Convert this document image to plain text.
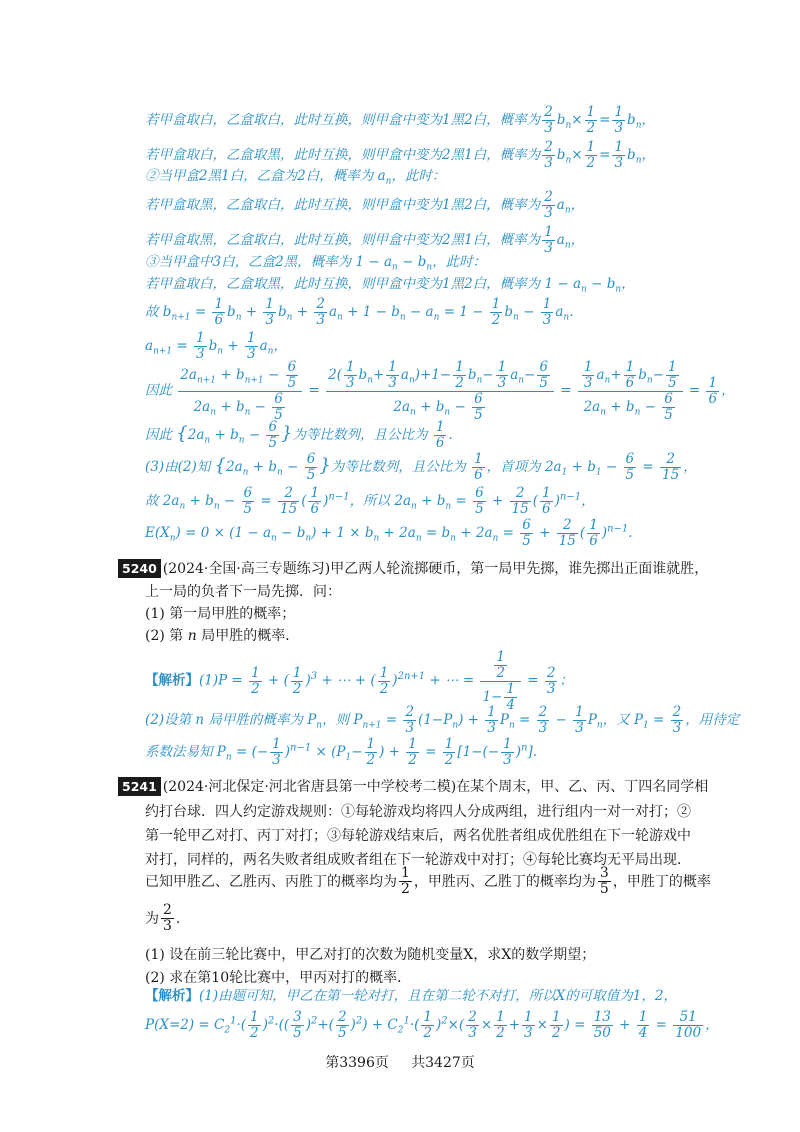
若甲盒取白，乙盒取白，此时互换，则甲盒中变为1黑2白，概率为 $\frac{2}{3} b_n\times \frac{1}{2} = \frac{1}{3} b_n$，
若甲盒取白，乙盒取黑，此时互换，则甲盒中变为2黑1白，概率为 $\frac{2}{3} b_n\times \frac{1}{2} = \frac{1}{3} b_n$，
②当甲盒2黑1白，乙盒为2白，概率为 $a_n$，此时：
若甲盒取黑，乙盒取白，此时互换，则甲盒中变为1黑2白，概率为 $\frac{2}{3} a_n$，
若甲盒取黑，乙盒取白，此时互换，则甲盒中变为2黑1白，概率为 $\frac{1}{3} a_n$，
③当甲盒中3白，乙盒2黑，概率为 $1 - a_n - b_n$，此时：
若甲盒取白，乙盒取黑，此时互换，则甲盒中变为1黑2白，概率为 $1 - a_n - b_n$，
故 $b_{n+1} = \frac{1}{6} b_n + \frac{1}{3} b_n + \frac{2}{3} a_n + 1 - b_n - a_n = 1 - \frac{1}{2} b_n - \frac{1}{3} a_n$.
$a_{n+1} = \frac{1}{3} b_n + \frac{1}{3} a_n$，
因此 $\frac{2a_{n+1} + b_{n+1} - \frac{6}{5}}{2a_n + b_n - \frac{6}{5}} = \frac{2( \frac{1}{3} b_n+ \frac{1}{3} a_n)+1- \frac{1}{2} b_n- \frac{1}{3} a_n- \frac{6}{5}}{2a_n + b_n - \frac{6}{5}} = \frac{\frac{1}{3} a_n+ \frac{1}{6} b_n- \frac{1}{5}}{2a_n + b_n - \frac{6}{5}} = \frac{1}{6}$ ，
因此 {$2a_n + b_n - \frac{6}{5}$ }为等比数列，且公比为 $\frac{1}{6}$ .
(3)由(2)知 {$2a_n + b_n - \frac{6}{5}$ }为等比数列，且公比为 $\frac{1}{6}$ ，首项为 $2a_1 + b_1 - \frac{6}{5} = \frac{2}{15}$ ，
故 $2a_n + b_n - \frac{6}{5} = \frac{2}{15}$ ( $\frac{1}{6} )^{n-1}$，所以 $2a_n + b_n = \frac{6}{5} + \frac{2}{15}$ ( $\frac{1}{6} )^{n-1}$，
$E(X_n) = 0 \times (1 - a_n - b_n) + 1 \times b_n + 2a_n = b_n + 2a_n = \frac{6}{5} + \frac{2}{15}$ ( $\frac{1}{6} )^{n-1}$.
5240 (2024·全国·高三专题练习)甲乙两人轮流掷硬币，第一局甲先掷，谁先掷出正面谁就胜，
上一局的负者下一局先掷．问：
(1) 第一局甲胜的概率；
(2) 第 n 局甲胜的概率．
【解析】$(1)P = \frac{1}{2}$ + ( $\frac{1}{2} )^3$ + ⋯ + ( $\frac{1}{2} )^{2n+1}$ + ⋯ = $\frac{\frac{1}{2}}{1- \frac{1}{4}} = \frac{2}{3}$ ；
(2)设第 n 局甲胜的概率为 $P_n$，则 $P_{n+1} = \frac{2}{3} (1-P_n) + \frac{1}{3} P_n = \frac{2}{3} - \frac{1}{3} P_n$，又 $P_1 = \frac{2}{3}$ ，用待定
系数法易知 $P_n$ = (− $\frac{1}{3} )^{n-1} \times (P_1- \frac{1}{2}$ ) + $\frac{1}{2} = \frac{1}{2} [1-(- \frac{1}{3} )^n]$.
5241 (2024·河北保定·河北省唐县第一中学校考二模)在某个周末，甲、乙、丙、丁四名同学相
约打台球．四人约定游戏规则：①每轮游戏均将四人分成两组，进行组内一对一对打；②
第一轮甲乙对打、丙丁对打；③每轮游戏结束后，两名优胜者组成优胜组在下一轮游戏中
对打，同样的，两名失败者组成败者组在下一轮游戏中对打；④每轮比赛均无平局出现．
已知甲胜乙、乙胜丙、丙胜丁的概率均为 $\frac{1}{2}$ ，甲胜丙、乙胜丁的概率均为 $\frac{3}{5}$ ，甲胜丁的概率
为 $\frac{2}{3}$ .
(1) 设在前三轮比赛中，甲乙对打的次数为随机变量X，求X的数学期望；
(2) 求在第10轮比赛中，甲丙对打的概率．
【解析】(1)由题可知，甲乙在第一轮对打，且在第二轮不对打，所以X的可取值为1，2，
$P(X=2) = C_2^1\cdot( \frac{1}{2} )^2\cdot(( \frac{3}{5} )^2+( \frac{2}{5} )^2) + C_2^1\cdot( \frac{1}{2} )^2\times( \frac{2}{3} \times \frac{1}{2} + \frac{1}{3} \times \frac{1}{2}$ ) = $\frac{13}{50} + \frac{1}{4} = \frac{51}{100}$ ，
第3396页 共3427页
